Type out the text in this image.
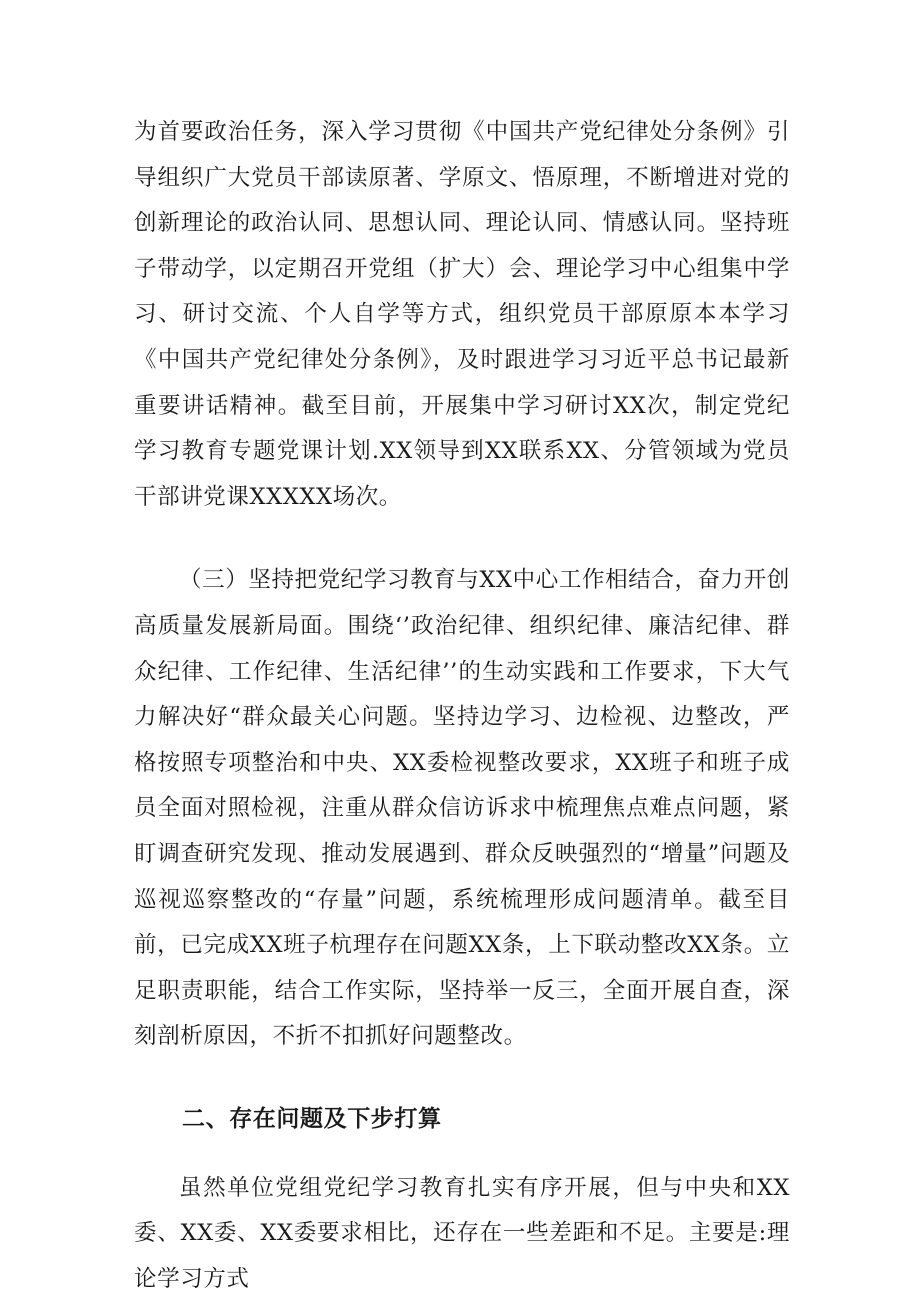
为首要政治任务，深入学习贯彻《中国共产党纪律处分条例》引导组织广大党员干部读原著、学原文、悟原理，不断增进对党的创新理论的政治认同、思想认同、理论认同、情感认同。坚持班子带动学，以定期召开党组（扩大）会、理论学习中心组集中学习、研讨交流、个人自学等方式，组织党员干部原原本本学习《中国共产党纪律处分条例》，及时跟进学习习近平总书记最新重要讲话精神。截至目前，开展集中学习研讨XX次，制定党纪学习教育专题党课计划.XX领导到XX联系XX、分管领域为党员干部讲党课XXXXX场次。

（三）坚持把党纪学习教育与XX中心工作相结合，奋力开创高质量发展新局面。围绕‘’政治纪律、组织纪律、廉洁纪律、群众纪律、工作纪律、生活纪律’’的生动实践和工作要求，下大气力解决好“群众最关心问题。坚持边学习、边检视、边整改，严格按照专项整治和中央、XX委检视整改要求，XX班子和班子成员全面对照检视，注重从群众信访诉求中梳理焦点难点问题，紧盯调查研究发现、推动发展遇到、群众反映强烈的“增量”问题及巡视巡察整改的“存量”问题，系统梳理形成问题清单。截至目前，已完成XX班子杭理存在问题XX条，上下联动整改XX条。立足职责职能，结合工作实际，坚持举一反三，全面开展自查，深刻剖析原因，不折不扣抓好问题整改。

二、存在问题及下步打算

虽然单位党组党纪学习教育扎实有序开展，但与中央和XX委、XX委、XX委要求相比，还存在一些差距和不足。主要是:理论学习方式
